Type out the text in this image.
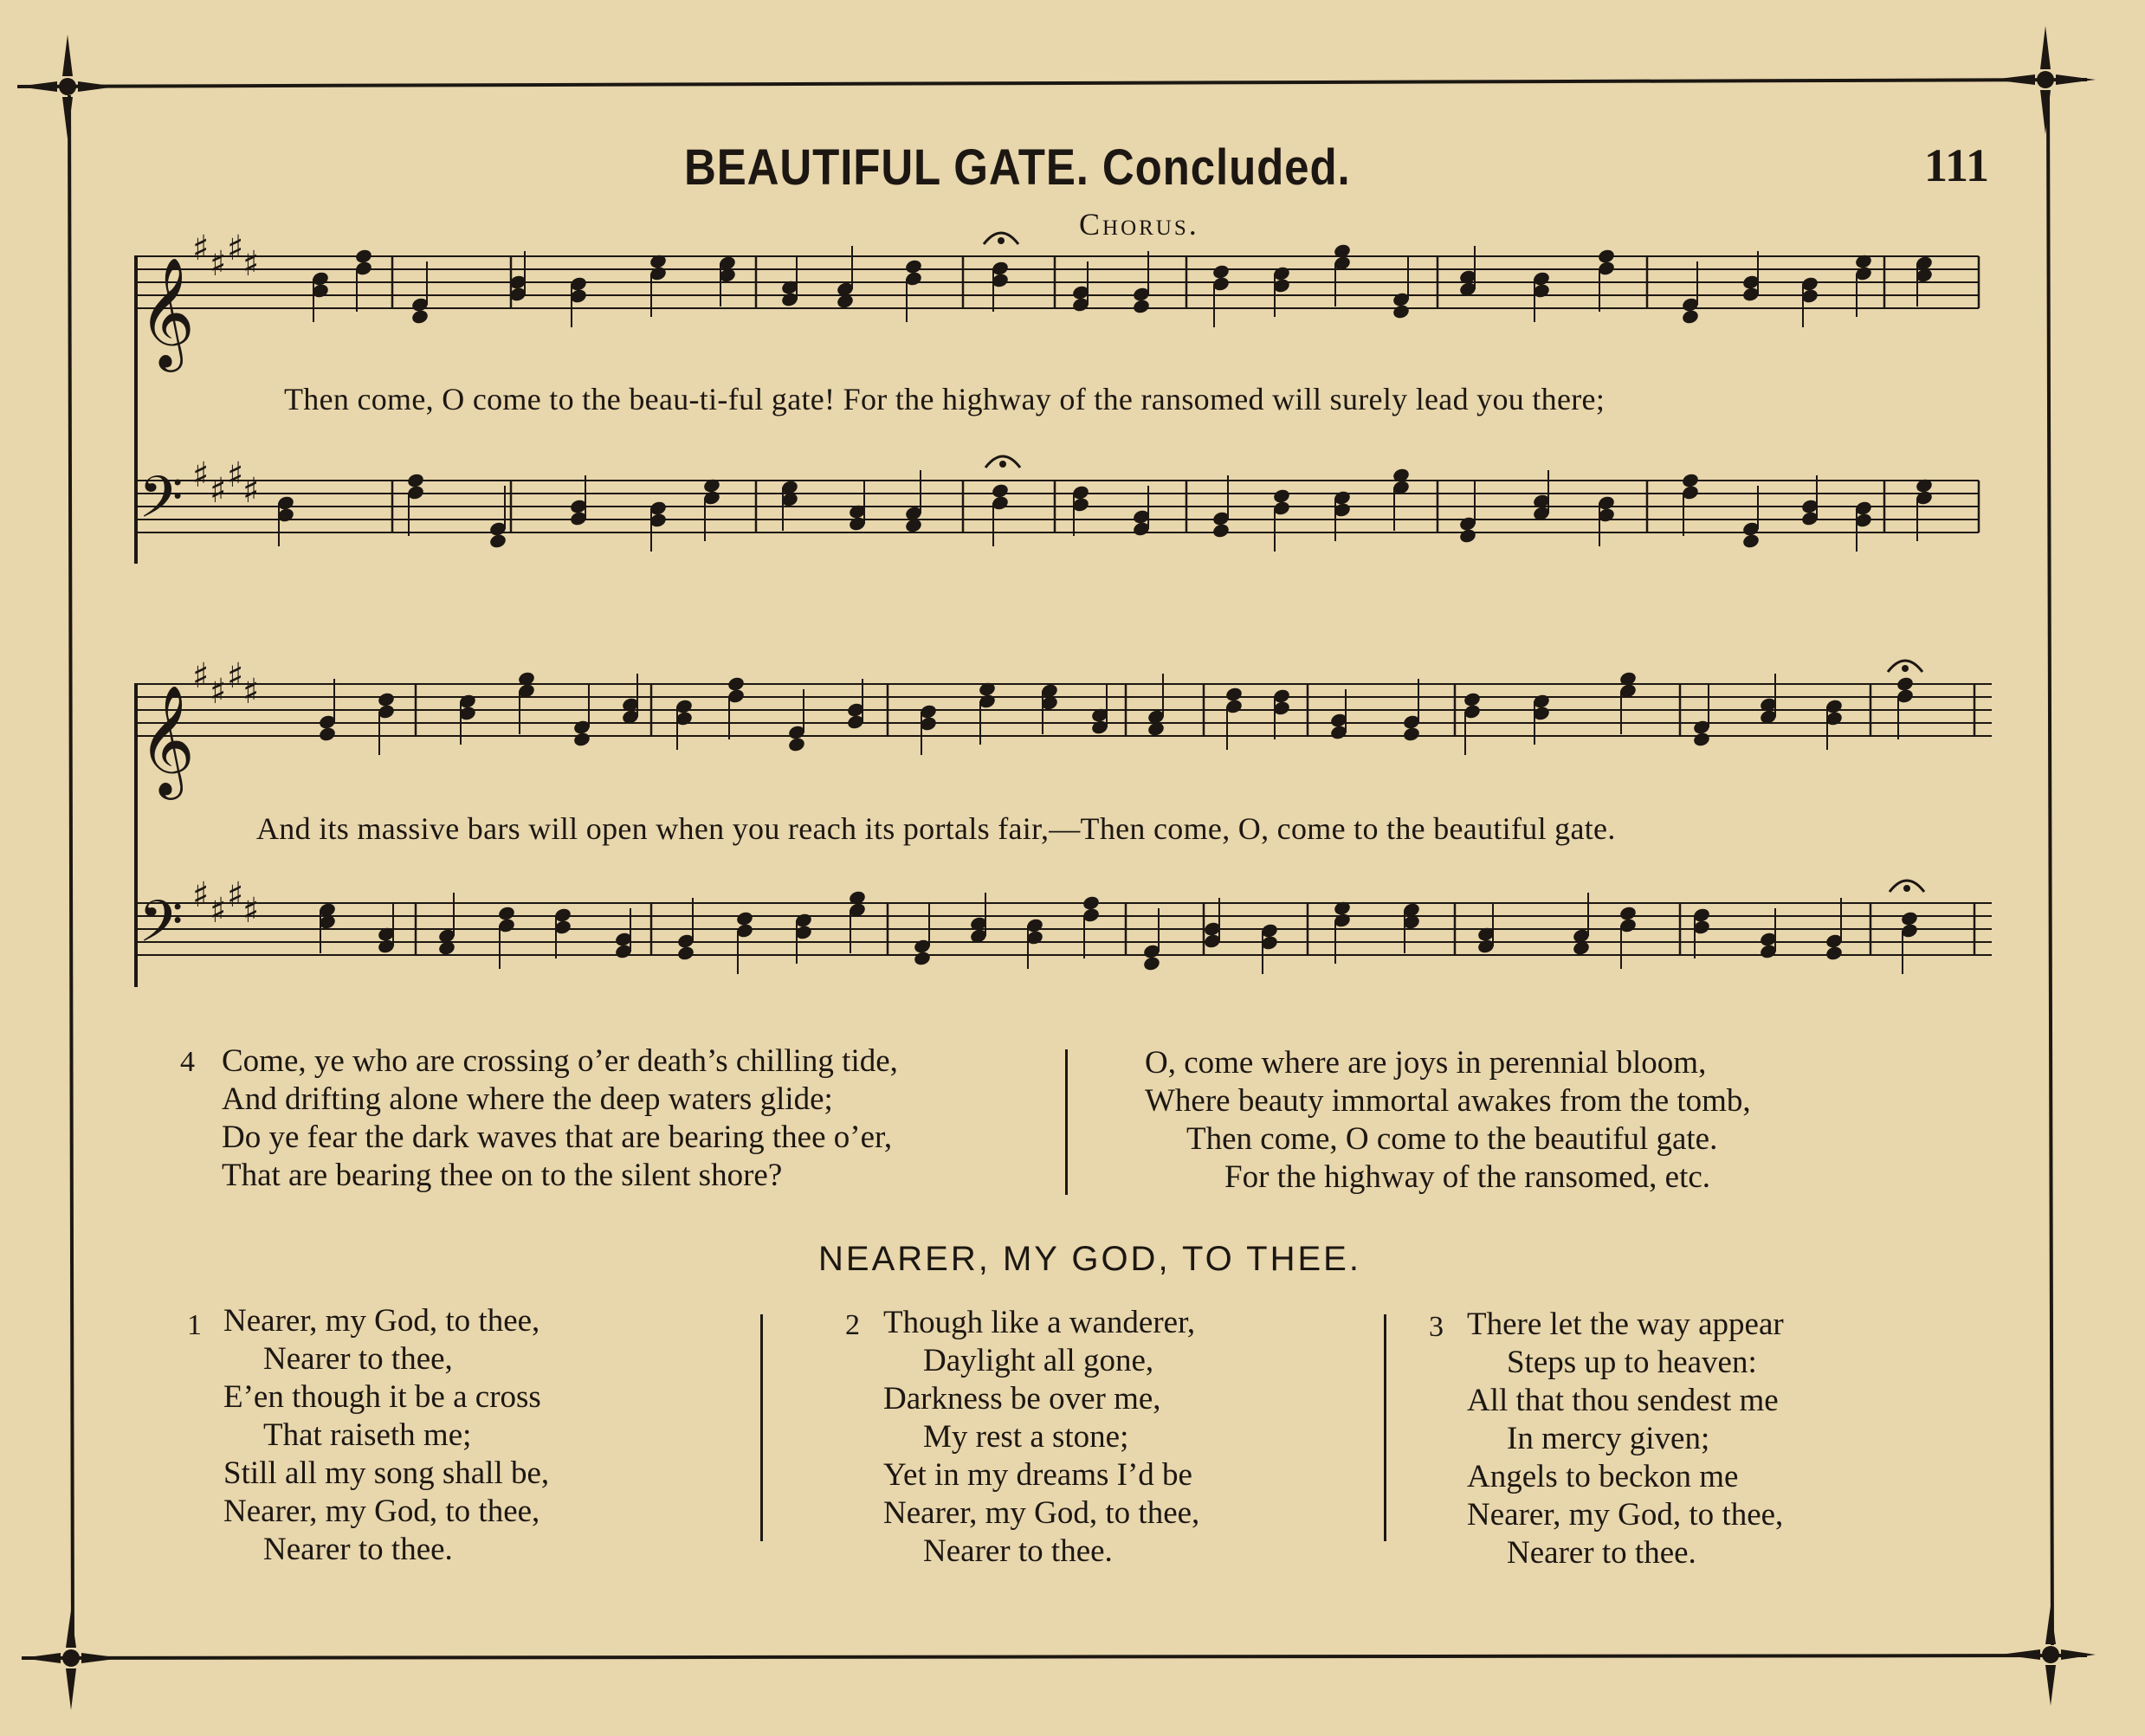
𝄞
𝄢
♯ ♯ ♯
♯
♯ ♯ ♯
♯
𝄞
𝄢
♯ ♯ ♯
♯
♯ ♯ ♯
♯
BEAUTIFUL GATE. Concluded.	111
Chorus.
Then come, O come to the beau-ti-ful gate! For the highway of the ransomed will surely lead you there;
And its massive bars will open when you reach its portals fair,—Then come, O, come to the beautiful gate.
4 Come, ye who are crossing o’er death’s chilling tide,
And drifting alone where the deep waters glide;
Do ye fear the dark waves that are bearing thee o’er,
That are bearing thee on to the silent shore?
O, come where are joys in perennial bloom,
Where beauty immortal awakes from the tomb,
Then come, O come to the beautiful gate.
For the highway of the ransomed, etc.
NEARER, MY GOD, TO THEE.
1 Nearer, my God, to thee,
Nearer to thee,
E’en though it be a cross
That raiseth me;
Still all my song shall be,
Nearer, my God, to thee,
Nearer to thee.
2 Though like a wanderer,
Daylight all gone,
Darkness be over me,
My rest a stone;
Yet in my dreams I’d be
Nearer, my God, to thee,
Nearer to thee.
3 There let the way appear
Steps up to heaven:
All that thou sendest me
In mercy given;
Angels to beckon me
Nearer, my God, to thee,
Nearer to thee.
